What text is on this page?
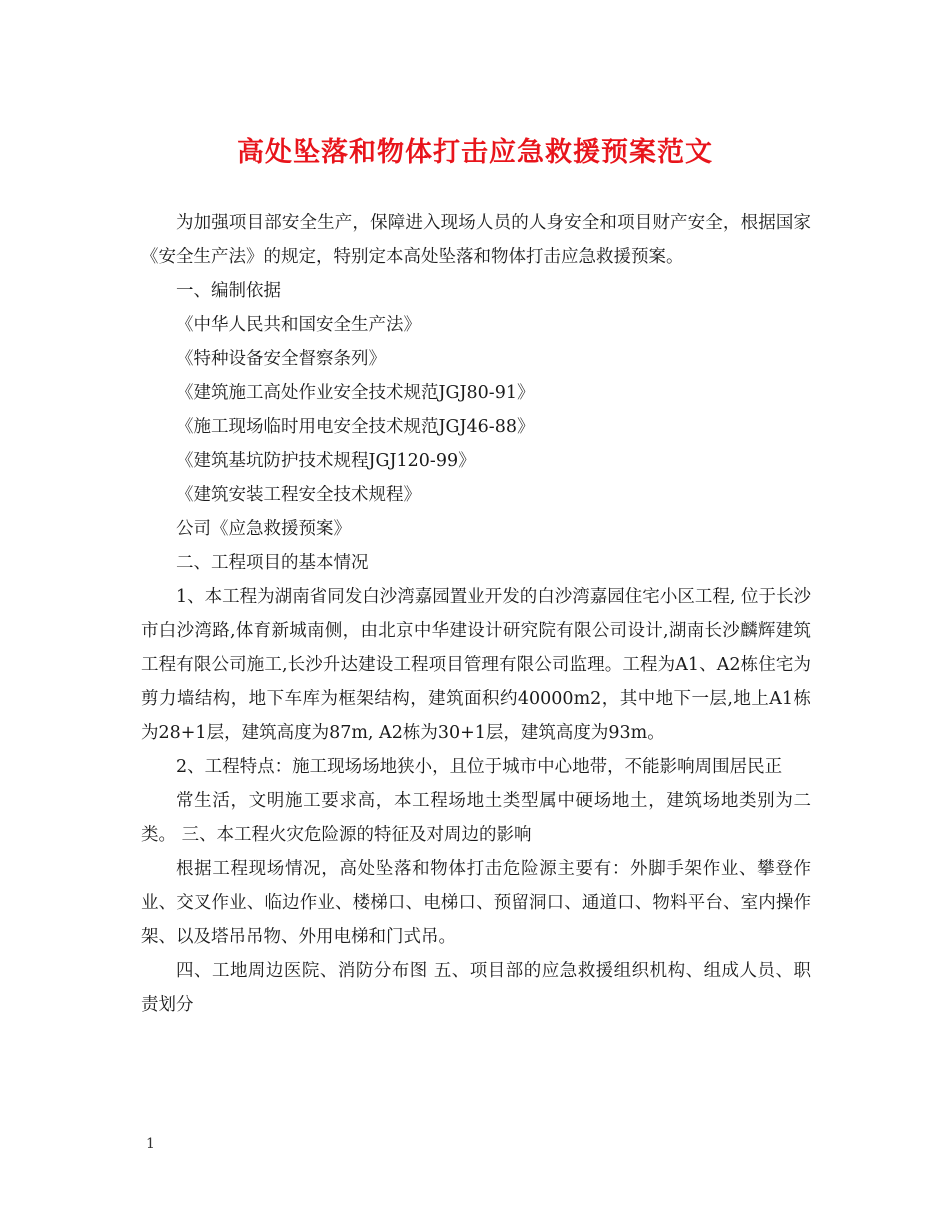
高处坠落和物体打击应急救援预案范文

为加强项目部安全生产，保障进入现场人员的人身安全和项目财产安全，根据国家《安全生产法》的规定，特别定本高处坠落和物体打击应急救援预案。

一、编制依据

《中华人民共和国安全生产法》

《特种设备安全督察条列》

《建筑施工高处作业安全技术规范JGJ80-91》

《施工现场临时用电安全技术规范JGJ46-88》

《建筑基坑防护技术规程JGJ120-99》

《建筑安装工程安全技术规程》

公司《应急救援预案》

二、工程项目的基本情况

1、本工程为湖南省同发白沙湾嘉园置业开发的白沙湾嘉园住宅小区工程, 位于长沙市白沙湾路,体育新城南侧，由北京中华建设计研究院有限公司设计,湖南长沙麟辉建筑工程有限公司施工,长沙升达建设工程项目管理有限公司监理。工程为A1、A2栋住宅为剪力墙结构，地下车库为框架结构，建筑面积约40000m2，其中地下一层,地上A1栋为28+1层，建筑高度为87m, A2栋为30+1层，建筑高度为93m。

2、工程特点：施工现场场地狭小，且位于城市中心地带，不能影响周围居民正

常生活，文明施工要求高，本工程场地土类型属中硬场地土，建筑场地类别为二类。 三、本工程火灾危险源的特征及对周边的影响

根据工程现场情况，高处坠落和物体打击危险源主要有：外脚手架作业、攀登作业、交叉作业、临边作业、楼梯口、电梯口、预留洞口、通道口、物料平台、室内操作架、以及塔吊吊物、外用电梯和门式吊。

四、工地周边医院、消防分布图 五、项目部的应急救援组织机构、组成人员、职责划分

1
